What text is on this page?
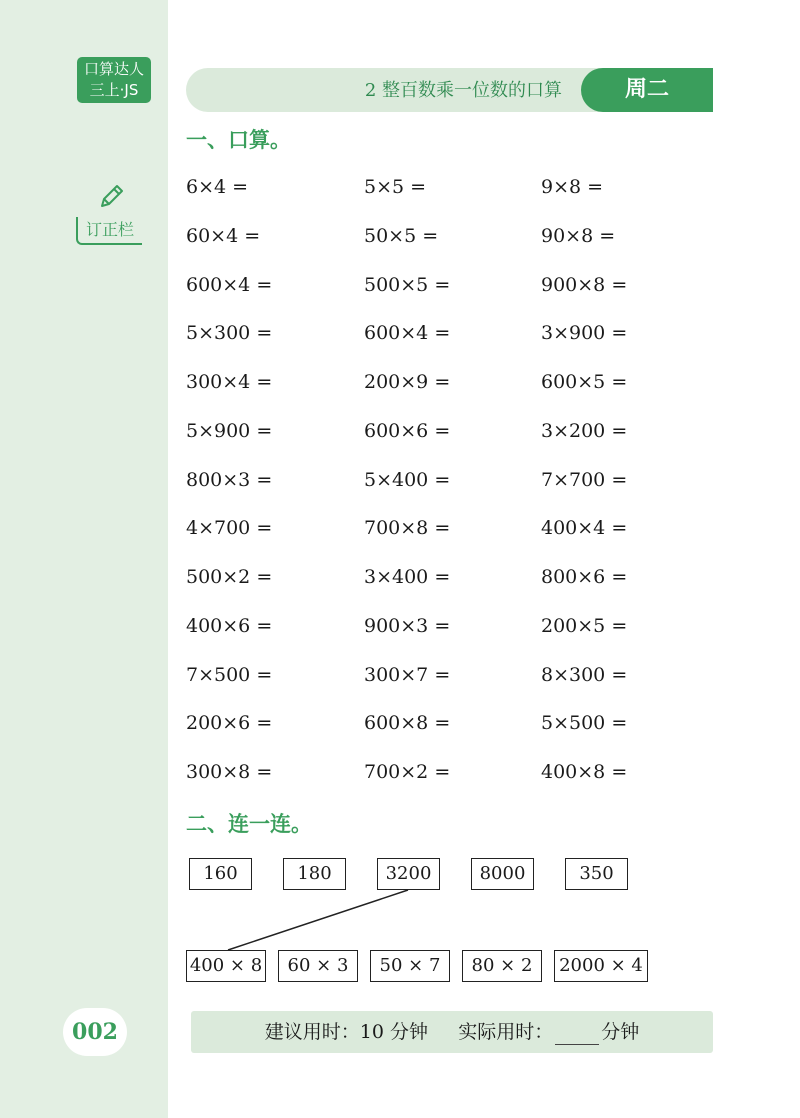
口算达人
三上·JS
订正栏
002
2 整百数乘一位数的口算	周二
一、口算。
6×4 =	5×5 =	9×8 =
60×4 =	50×5 =	90×8 =
600×4 =	500×5 =	900×8 =
5×300 =	600×4 =	3×900 =
300×4 =	200×9 =	600×5 =
5×900 =	600×6 =	3×200 =
800×3 =	5×400 =	7×700 =
4×700 =	700×8 =	400×4 =
500×2 =	3×400 =	800×6 =
400×6 =	900×3 =	200×5 =
7×500 =	300×7 =	8×300 =
200×6 =	600×8 =	5×500 =
300×8 =	700×2 =	400×8 =
二、连一连。
160	180	3200	8000	350
400 × 8	60 × 3	50 × 7	80 × 2	2000 × 4
建议用时：10 分钟 实际用时：	分钟
